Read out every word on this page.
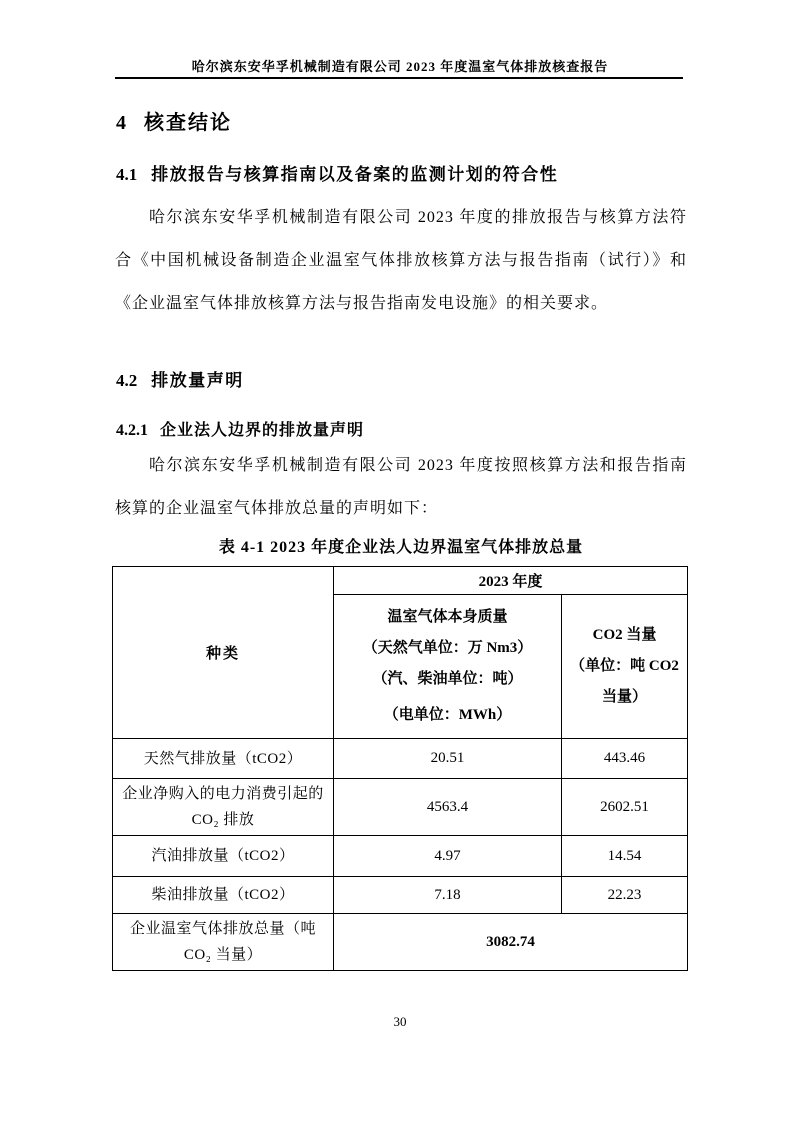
哈尔滨东安华孚机械制造有限公司 2023 年度温室气体排放核查报告
4 核查结论
4.1 排放报告与核算指南以及备案的监测计划的符合性

哈尔滨东安华孚机械制造有限公司 2023 年度的排放报告与核算方法符合《中国机械设备制造企业温室气体排放核算方法与报告指南（试行）》和《企业温室气体排放核算方法与报告指南发电设施》的相关要求。

4.2 排放量声明
4.2.1 企业法人边界的排放量声明

哈尔滨东安华孚机械制造有限公司 2023 年度按照核算方法和报告指南核算的企业温室气体排放总量的声明如下：

表 4-1 2023 年度企业法人边界温室气体排放总量
种类	2023 年度	

	温室气体本身质量
（天然气单位：万 Nm3）
（汽、柴油单位：吨）
（电单位：MWh）	CO2 当量
（单位：吨 CO2
当量）

天然气排放量（tCO2）	20.51	443.46
企业净购入的电力消费引起的 CO₂ 排放	4563.4	2602.51
汽油排放量（tCO2）	4.97	14.54
柴油排放量（tCO2）	7.18	22.23
企业温室气体排放总量（吨 CO₂ 当量）	3082.74	
30
